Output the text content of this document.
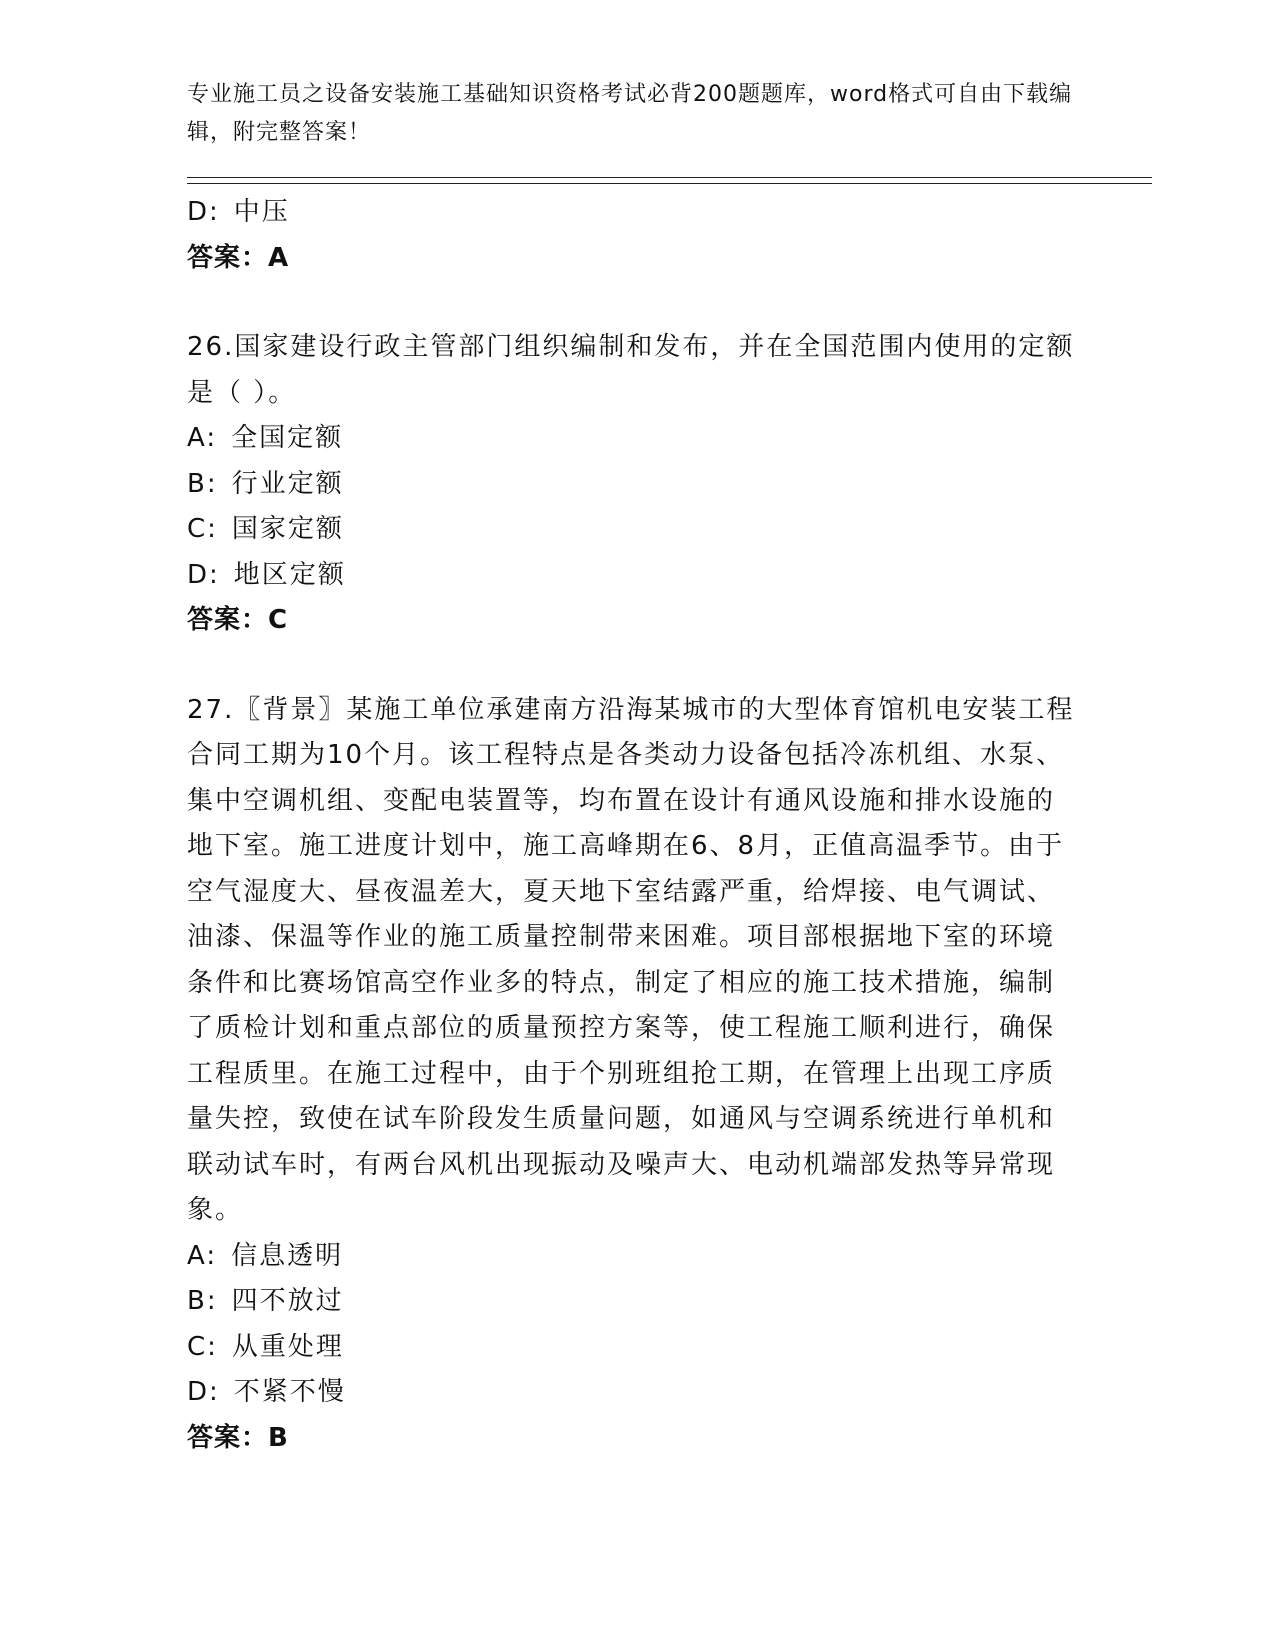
专业施工员之设备安装施工基础知识资格考试必背200题题库，word格式可自由下载编辑，附完整答案！
D: 中压
答案：A
26.国家建设行政主管部门组织编制和发布，并在全国范围内使用的定额是（ ）。
A: 全国定额
B: 行业定额
C: 国家定额
D: 地区定额
答案：C
27.〖背景〗某施工单位承建南方沿海某城市的大型体育馆机电安装工程合同工期为10个月。该工程特点是各类动力设备包括冷冻机组、水泵、集中空调机组、变配电装置等，均布置在设计有通风设施和排水设施的地下室。施工进度计划中，施工高峰期在6、8月，正值高温季节。由于空气湿度大、昼夜温差大，夏天地下室结露严重，给焊接、电气调试、油漆、保温等作业的施工质量控制带来困难。项目部根据地下室的环境条件和比赛场馆高空作业多的特点，制定了相应的施工技术措施，编制了质检计划和重点部位的质量预控方案等，使工程施工顺利进行，确保工程质里。在施工过程中，由于个别班组抢工期，在管理上出现工序质量失控，致使在试车阶段发生质量问题，如通风与空调系统进行单机和联动试车时，有两台风机出现振动及噪声大、电动机端部发热等异常现象。
A: 信息透明
B: 四不放过
C: 从重处理
D: 不紧不慢
答案：B
